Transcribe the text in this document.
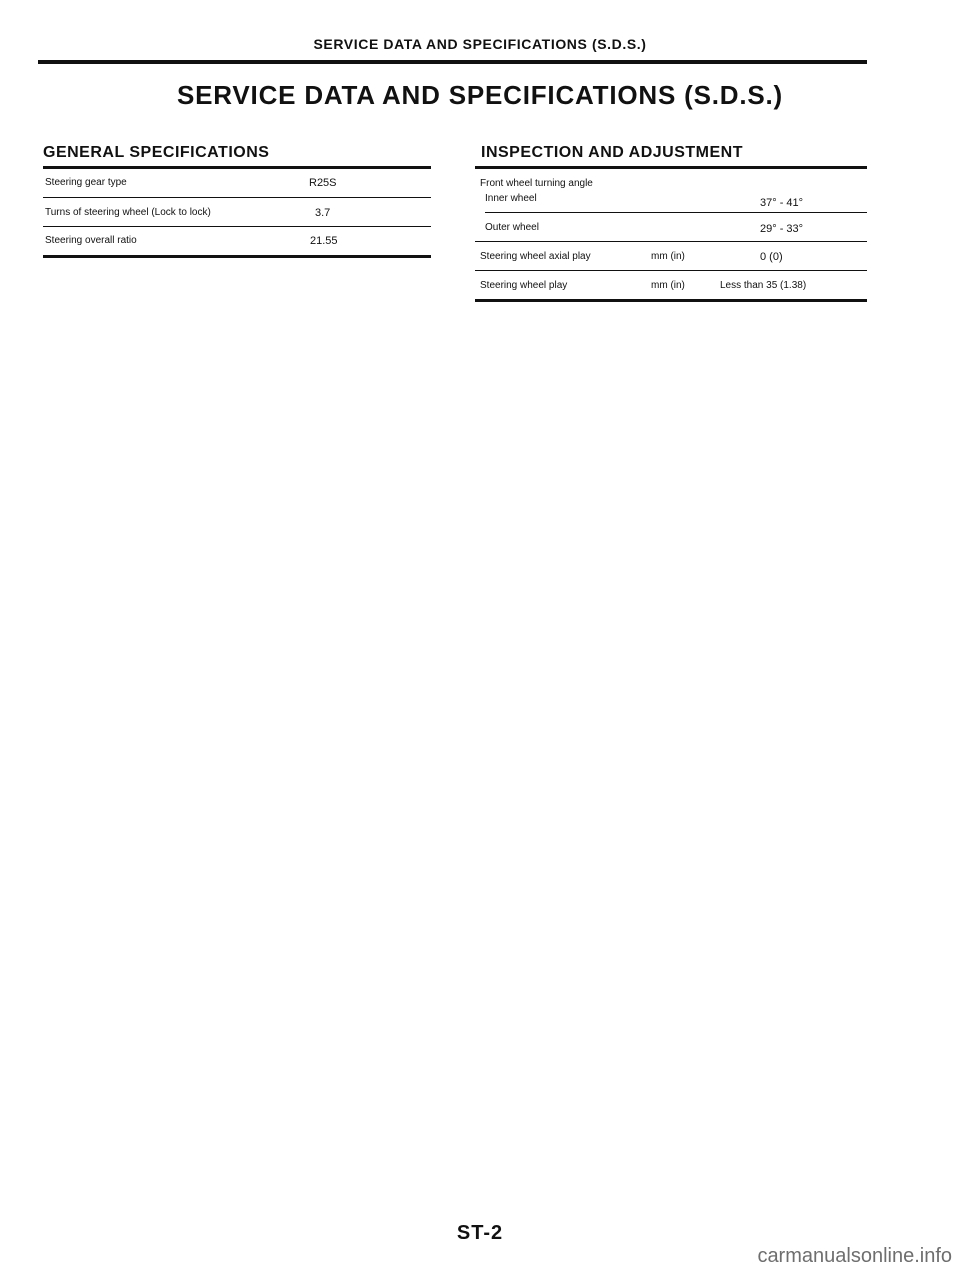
SERVICE DATA AND SPECIFICATIONS (S.D.S.)
SERVICE DATA AND SPECIFICATIONS (S.D.S.)
GENERAL SPECIFICATIONS
Steering gear type	R25S
Turns of steering wheel (Lock to lock)	3.7
Steering overall ratio	21.55
INSPECTION AND ADJUSTMENT
Front wheel turning angle
Inner wheel	37° - 41°
Outer wheel	29° - 33°
Steering wheel axial play	mm (in)	0 (0)
Steering wheel play	mm (in)	Less than 35 (1.38)
ST-2
carmanualsonline.info
